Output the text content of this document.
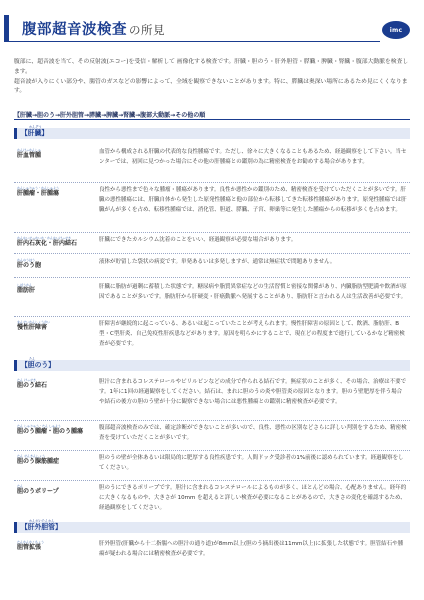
腹部超音波検査 の所見	imc

腹部に、超音波を当て、その反射波(エコー)を受信・解析して 画像化する検査です。肝臓・胆のう・肝外胆管・膵臓・脾臓・腎臓・腹部大動脈を検査します。

超音波が入りにくい部分や、腸管のガスなどの影響によって、全域を観察できないことがあります。特に、膵臓は奥深い場所にあるため見にくくなります。

【肝臓→胆のう→肝外胆管→膵臓→脾臓→腎臓→腹部大動脈→その他の順
かんぞう
【肝臓】
かんけっかんしゅ
肝血管腫	血管から構成される肝臓の代表的な良性腫瘍です。ただし、徐々に大きくなることもあるため、経過観察をして下さい。当センターでは、初回に見つかった場合にその他の肝腫瘍との鑑別の為に精密検査をお勧めする場合があります。
かんしゅりゅう・かんしゅよう
肝腫瘤・肝腫瘍	良性から悪性まで色々な腫瘤・腫瘍があります。良性か悪性かの鑑別のため、精密検査を受けていただくことが多いです。肝臓の悪性腫瘍には、肝臓自体から発生した原発性腫瘍と他の部位から転移してきた転移性腫瘍があります。原発性腫瘍では肝臓がんが多くを占め、転移性腫瘍では、消化管、胆道、膵臓、子宮、卵巣等に発生した腫瘍からの転移が多くを占めます。
かんないせっかいか・かんないけっせき
肝内石灰化・肝内結石	肝臓にできたカルシウム沈着のことをいい、経過観察が必要な場合があります。
かんのうほう
肝のう胞	液体が貯留した袋状の病変です。単発あるいは多発しますが、通常は無症状で問題ありません。
しぼうかん
脂肪肝	肝臓に脂肪が過剰に蓄積した状態です。糖尿病や脂質異常症などの生活習慣と密接な関係があり、内臓脂肪型肥満や飲酒が原因であることが多いです。脂肪肝から肝硬変・肝癌動脈へ発展することがあり、脂肪肝と言われる人は生活改善が必要です。
まんせいかんしょうがい
慢性肝障害	肝障害が継続的に起こっている、あるいは起こっていたことが考えられます。慢性肝障害の原因として、飲酒、脂肪肝、B型・C型肝炎、自己免疫性肝疾患などがあります。原因を明らかにすることで、現在どの程度まで進行しているかなど精密検査が必要です。
たん
【胆のう】
たん けっせき
胆のう結石	胆汁に含まれるコレステロールやビリルビンなどの成分で作られる結石です。無症状のことが多く、その場合、治療は不要です。1年に1回の経過観察をしてください。結石は、まれに胆のうの炎や胆管炎の原因となります。胆のう壁肥厚を伴う場合や結石の後方の胆のう壁が十分に観察できない場合には悪性腫瘍との鑑別に精密検査が必要です。
たん しゅりゅう・たん しゅよう
胆のう腫瘤・胆のう腫瘍	腹部超音波検査のみでは、確定診断ができないことが多いので、良性、悪性の区別などさらに詳しい判別をするため、精密検査を受けていただくことが多いです。
たん せんきんしょう
胆のう腺筋腫症	胆のうの壁が全体あるいは限局的に肥厚する良性疾患です。人間ドック受診者の1%前後に認められています。経過観察をしてください。
たん
胆のうポリープ	胆のうにできるポリープです。胆汁に含まれるコレステロールによるものが多く、ほとんどの場合、心配ありません。経年的に大きくなるものや、大きさが 10mm を超えると詳しい検査が必要になることがあるので、大きさの変化を確認するため、経過観察をしてください。
かんがいたんかん
【肝外胆管】
たんかんかくちょう
胆管拡張	肝外胆管(肝臓から十二指腸への胆汁の通り道)が8mm以上(胆のう摘出後は11mm以上)に拡張した状態です。胆管結石や腫瘍が疑われる場合には精密検査が必要です。
